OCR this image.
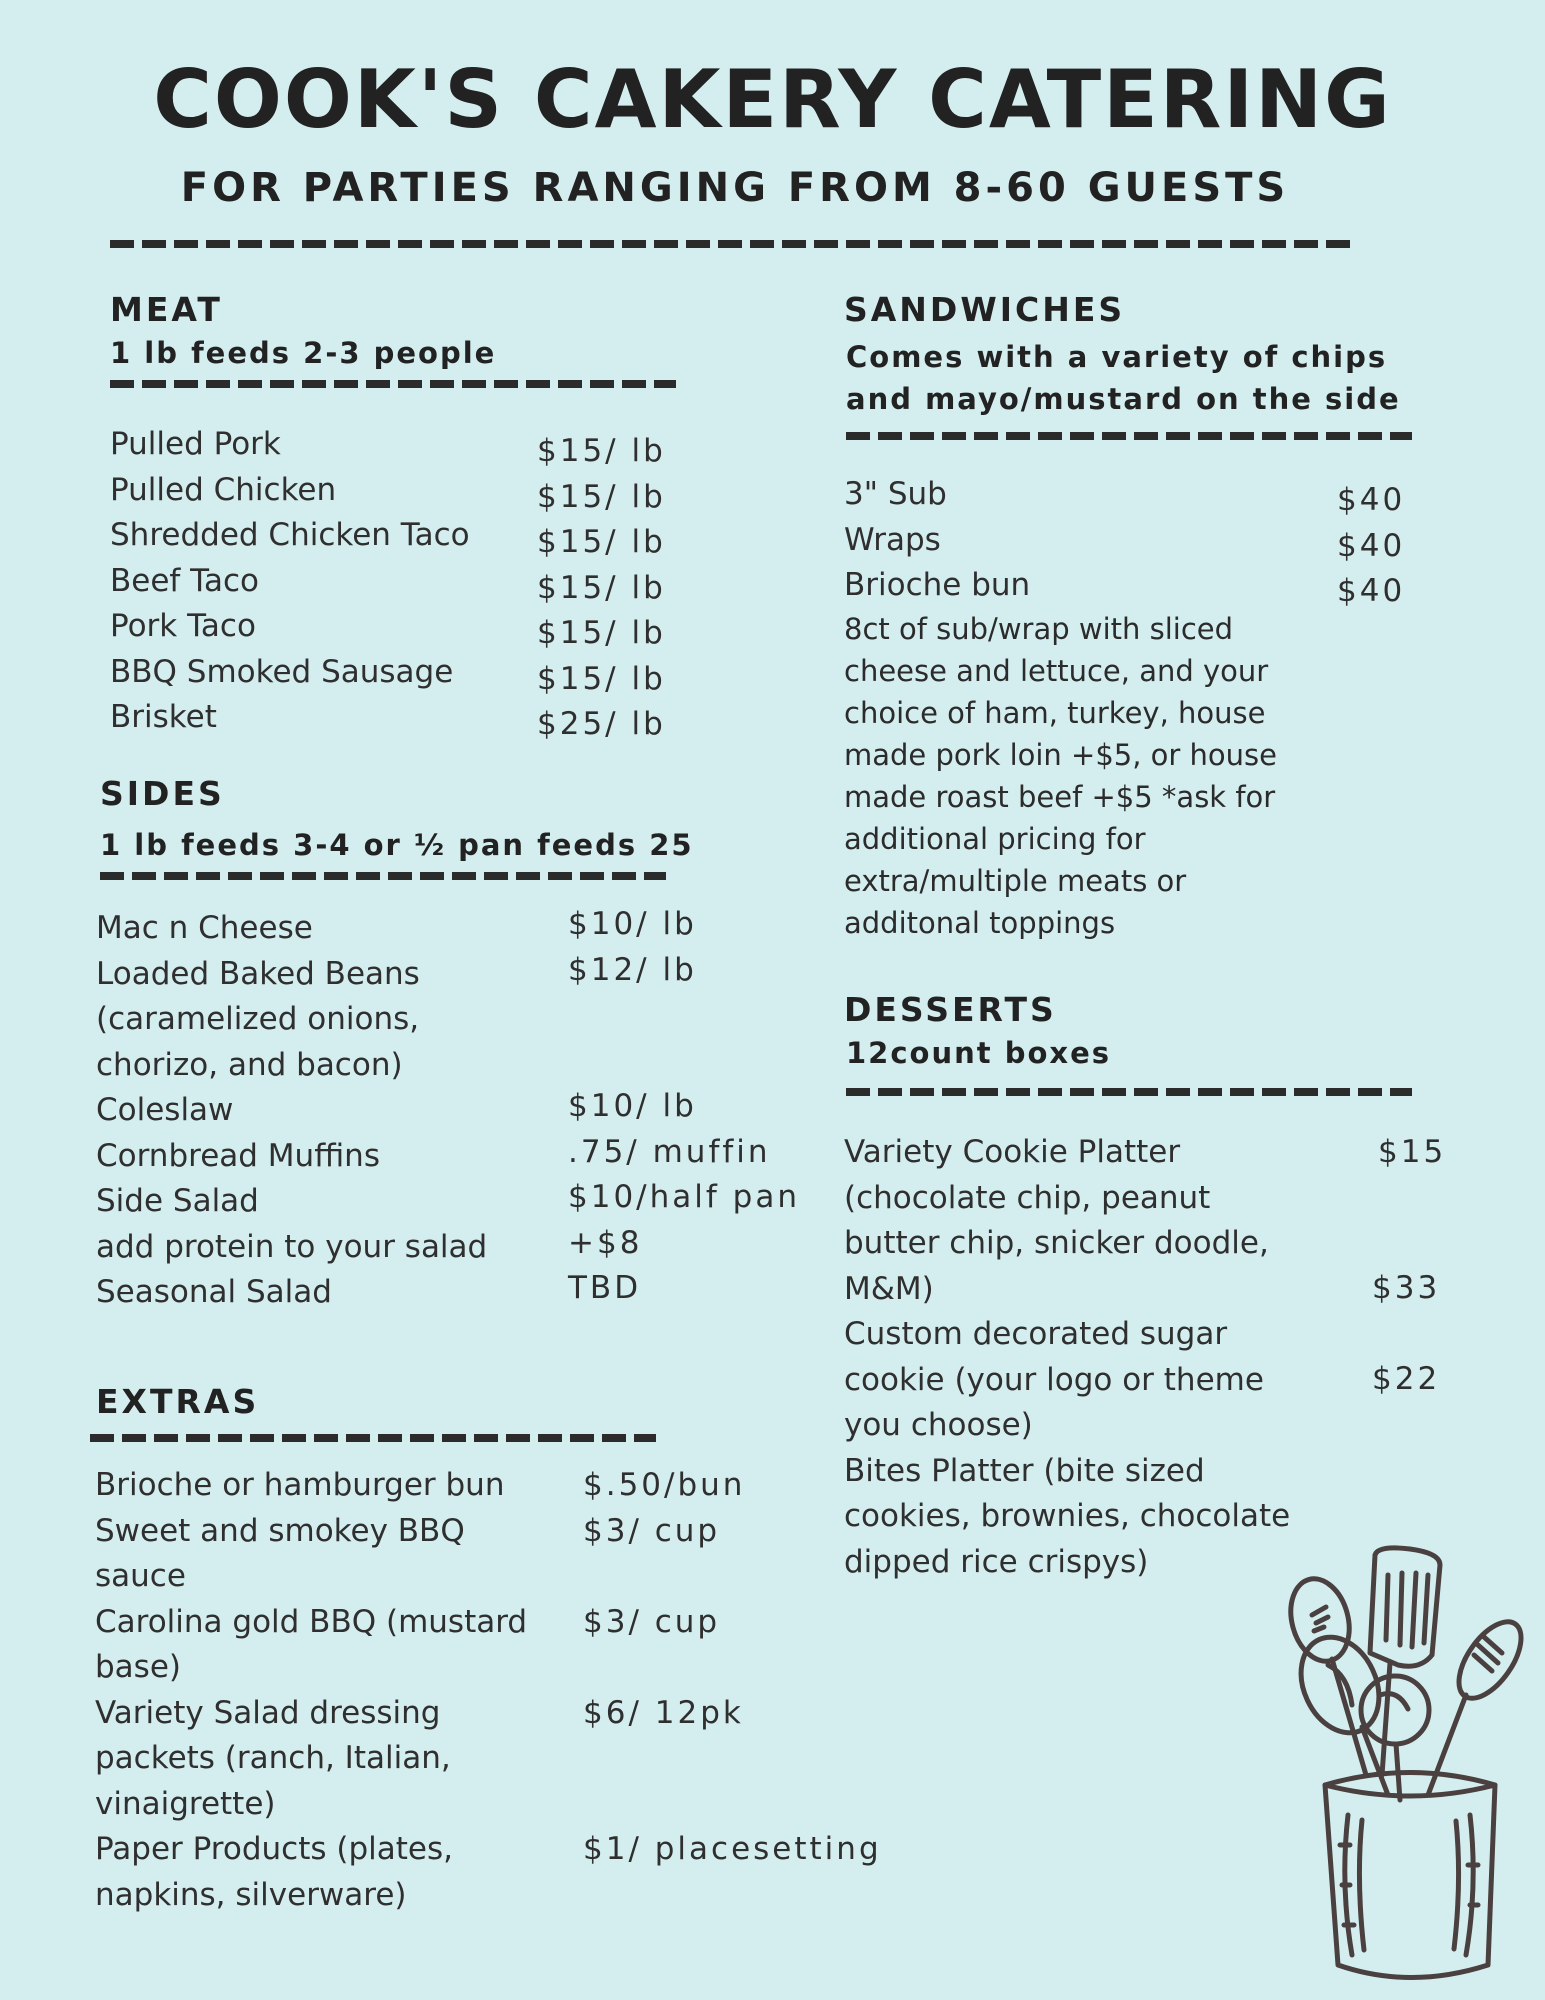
COOK'S CAKERY CATERING
FOR PARTIES RANGING FROM 8-60 GUESTS
MEAT
1 lb feeds 2-3 people
Pulled Pork	$15/ lb
Pulled Chicken	$15/ lb
Shredded Chicken Taco	$15/ lb
Beef Taco	$15/ lb
Pork Taco	$15/ lb
BBQ Smoked Sausage	$15/ lb
Brisket	$25/ lb
SIDES
1 lb feeds 3-4 or ½ pan feeds 25
Mac n Cheese	$10/ lb
Loaded Baked Beans (caramelized onions, chorizo, and bacon)
$12/ lb
Coleslaw	$10/ lb
Cornbread Muffins	.75/ muffin
Side Salad	$10/half pan
add protein to your salad	+$8
Seasonal Salad	TBD
EXTRAS
Brioche or hamburger bun	$.50/bun
Sweet and smokey BBQ sauce
$3/ cup
Carolina gold BBQ (mustard base)
$3/ cup
Variety Salad dressing packets (ranch, Italian, vinaigrette)
$6/ 12pk
Paper Products (plates, napkins, silverware)
$1/ placesetting
SANDWICHES
Comes with a variety of chips and mayo/mustard on the side
3" Sub	$40
Wraps	$40
Brioche bun	$40

8ct of sub/wrap with sliced cheese and lettuce, and your choice of ham, turkey, house made pork loin +$5, or house made roast beef +$5 *ask for additional pricing for extra/multiple meats or additonal toppings

DESSERTS
12count boxes
Variety Cookie Platter (chocolate chip, peanut butter chip, snicker doodle, M&M)
$15
Custom decorated sugar cookie (your logo or theme you choose)
$33
Bites Platter (bite sized cookies, brownies, chocolate dipped rice crispys)
$22
